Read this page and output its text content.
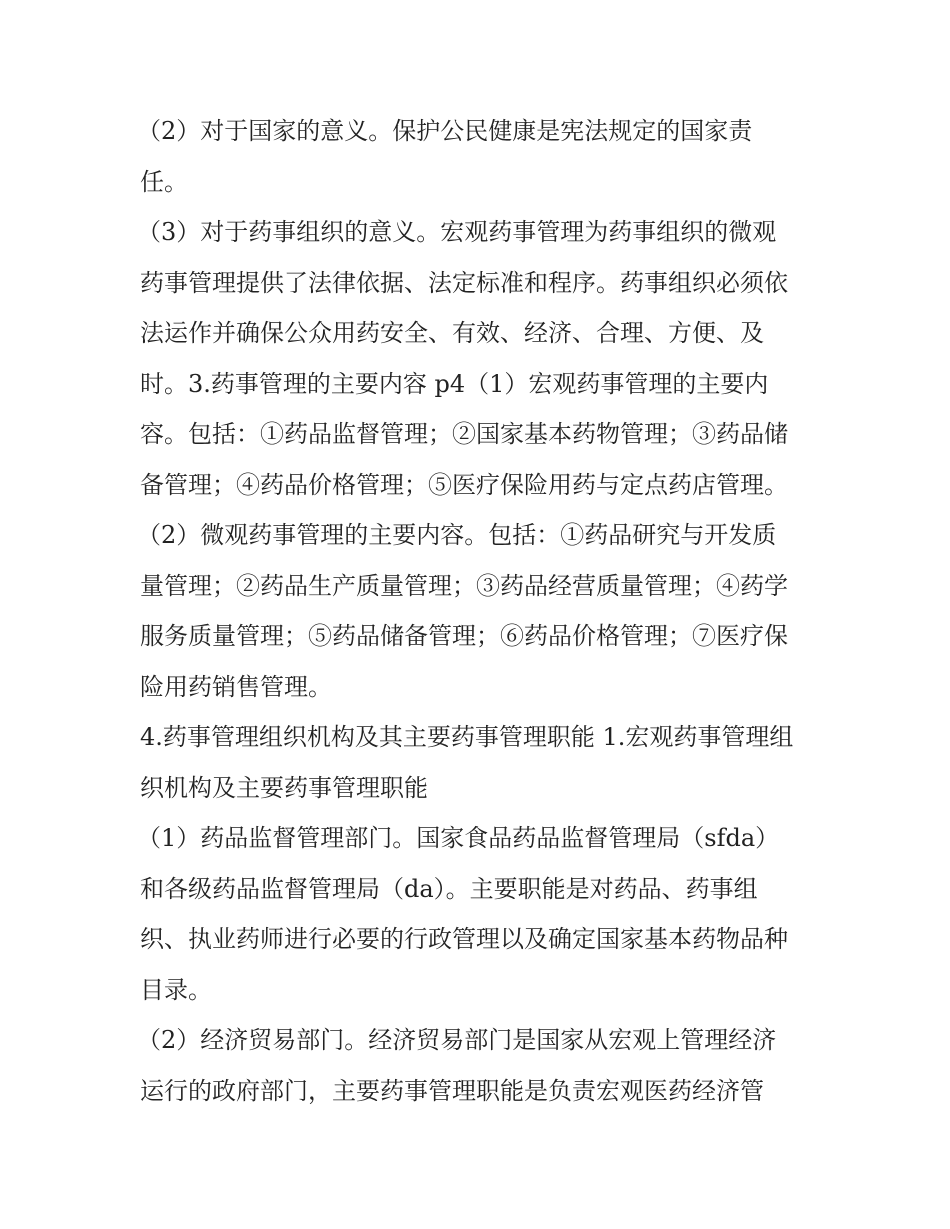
（2）对于国家的意义。保护公民健康是宪法规定的国家责
任。
（3）对于药事组织的意义。宏观药事管理为药事组织的微观
药事管理提供了法律依据、法定标准和程序。药事组织必须依
法运作并确保公众用药安全、有效、经济、合理、方便、及
时。3.药事管理的主要内容 p4（1）宏观药事管理的主要内
容。包括：①药品监督管理；②国家基本药物管理；③药品储
备管理；④药品价格管理；⑤医疗保险用药与定点药店管理。
（2）微观药事管理的主要内容。包括：①药品研究与开发质
量管理；②药品生产质量管理；③药品经营质量管理；④药学
服务质量管理；⑤药品储备管理；⑥药品价格管理；⑦医疗保
险用药销售管理。
4.药事管理组织机构及其主要药事管理职能 1.宏观药事管理组
织机构及主要药事管理职能
（1）药品监督管理部门。国家食品药品监督管理局（sfda）
和各级药品监督管理局（da）。主要职能是对药品、药事组
织、执业药师进行必要的行政管理以及确定国家基本药物品种
目录。
（2）经济贸易部门。经济贸易部门是国家从宏观上管理经济
运行的政府部门，主要药事管理职能是负责宏观医药经济管
